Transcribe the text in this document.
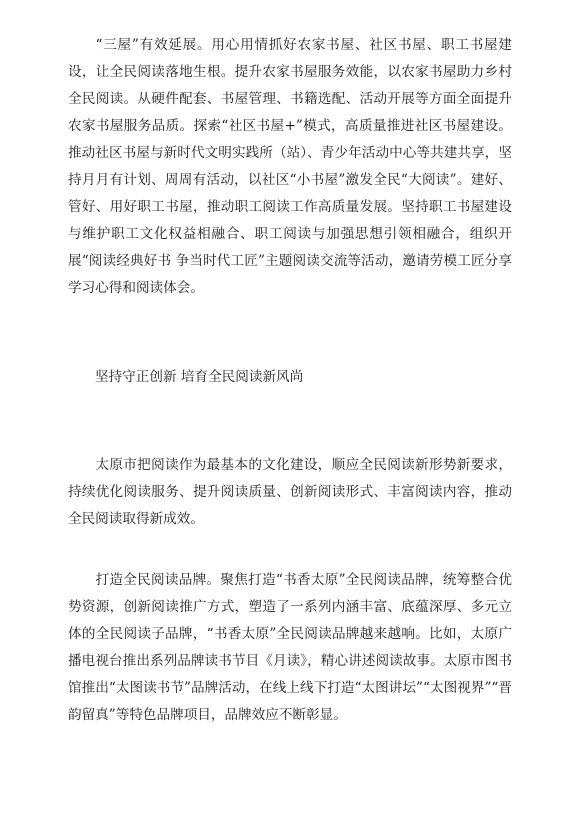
“三屋”有效延展。用心用情抓好农家书屋、社区书屋、职工书屋建设，让全民阅读落地生根。提升农家书屋服务效能，以农家书屋助力乡村全民阅读。从硬件配套、书屋管理、书籍选配、活动开展等方面全面提升农家书屋服务品质。探索“社区书屋+”模式，高质量推进社区书屋建设。推动社区书屋与新时代文明实践所（站）、青少年活动中心等共建共享，坚持月月有计划、周周有活动，以社区“小书屋”激发全民“大阅读”。建好、管好、用好职工书屋，推动职工阅读工作高质量发展。坚持职工书屋建设与维护职工文化权益相融合、职工阅读与加强思想引领相融合，组织开展“阅读经典好书 争当时代工匠”主题阅读交流等活动，邀请劳模工匠分享学习心得和阅读体会。

坚持守正创新 培育全民阅读新风尚

太原市把阅读作为最基本的文化建设，顺应全民阅读新形势新要求，持续优化阅读服务、提升阅读质量、创新阅读形式、丰富阅读内容，推动全民阅读取得新成效。

打造全民阅读品牌。聚焦打造“书香太原”全民阅读品牌，统筹整合优势资源，创新阅读推广方式，塑造了一系列内涵丰富、底蕴深厚、多元立体的全民阅读子品牌，“书香太原”全民阅读品牌越来越响。比如，太原广播电视台推出系列品牌读书节目《月读》，精心讲述阅读故事。太原市图书馆推出“太图读书节”品牌活动，在线上线下打造“太图讲坛”“太图视界”“晋韵留真”等特色品牌项目，品牌效应不断彰显。
